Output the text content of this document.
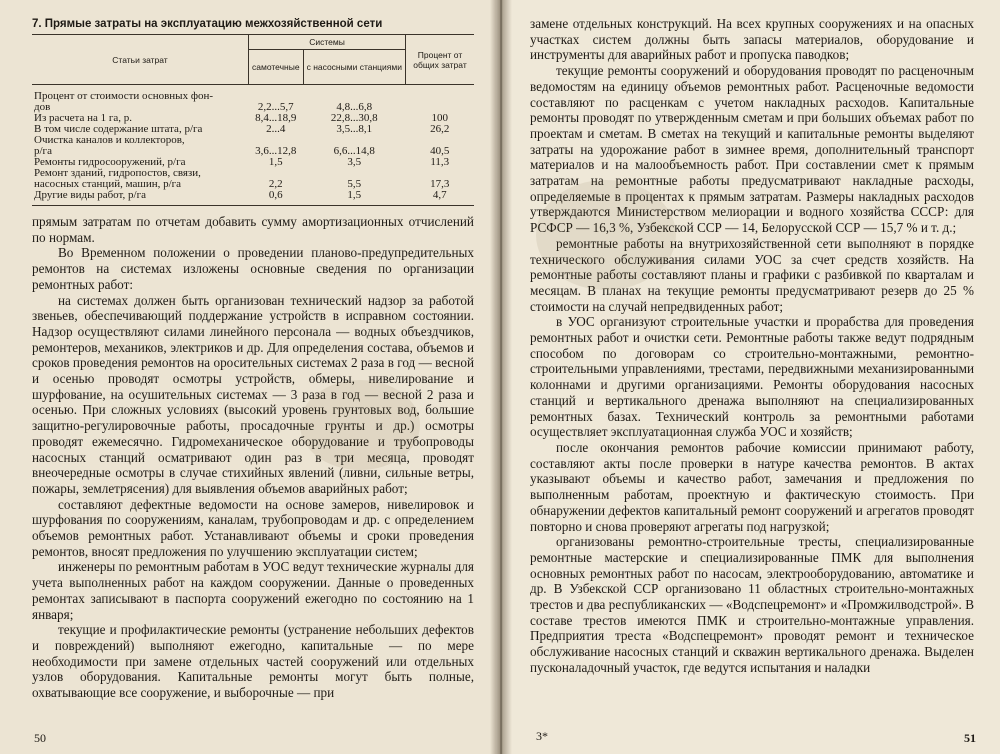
7. Прямые затраты на эксплуатацию межхозяйственной сети
Статьи затрат	Системы		Процент от общих затрат
	самотечные	с насосными станциями	
Процент от стоимости основных фон-
дов	2,2...5,7	4,8...6,8	
Из расчета на 1 га, р.	8,4...18,9	22,8...30,8	100
В том числе содержание штата, р/га	2...4	3,5...8,1	26,2
Очистка каналов и коллекторов,
р/га	3,6...12,8	6,6...14,8	40,5
Ремонты гидросооружений, р/га	1,5	3,5	11,3
Ремонт зданий, гидропостов, связи,
насосных станций, машин, р/га	2,2	5,5	17,3
Другие виды работ, р/га	0,6	1,5	4,7

прямым затратам по отчетам добавить сумму амортизационных отчислений по нормам.

Во Временном положении о проведении планово-предупредительных ремонтов на системах изложены основные сведения по организации ремонтных работ:

на системах должен быть организован технический надзор за работой звеньев, обеспечивающий поддержание устройств в исправном состоянии. Надзор осуществляют силами линейного персонала — водных объездчиков, ремонтеров, механиков, электриков и др. Для определения состава, объемов и сроков проведения ремонтов на оросительных системах 2 раза в год — весной и осенью проводят осмотры устройств, обмеры, нивелирование и шурфование, на осушительных системах — 3 раза в год — весной 2 раза и осенью. При сложных условиях (высокий уровень грунтовых вод, большие защитно-регулировочные работы, просадочные грунты и др.) осмотры проводят ежемесячно. Гидромеханическое оборудование и трубопроводы насосных станций осматривают один раз в три месяца, проводят внеочередные осмотры в случае стихийных явлений (ливни, сильные ветры, пожары, землетрясения) для выявления объемов аварийных работ;

составляют дефектные ведомости на основе замеров, нивелировок и шурфования по сооружениям, каналам, трубопроводам и др. с определением объемов ремонтных работ. Устанавливают объемы и сроки проведения ремонтов, вносят предложения по улучшению эксплуатации систем;

инженеры по ремонтным работам в УОС ведут технические журналы для учета выполненных работ на каждом сооружении. Данные о проведенных ремонтах записывают в паспорта сооружений ежегодно по состоянию на 1 января;

текущие и профилактические ремонты (устранение небольших дефектов и повреждений) выполняют ежегодно, капитальные — по мере необходимости при замене отдельных частей сооружений или отдельных узлов оборудования. Капитальные ремонты могут быть полные, охватывающие все сооружение, и выборочные — при

50

замене отдельных конструкций. На всех крупных сооружениях и на опасных участках систем должны быть запасы материалов, оборудование и инструменты для аварийных работ и пропуска паводков;

текущие ремонты сооружений и оборудования проводят по расценочным ведомостям на единицу объемов ремонтных работ. Расценочные ведомости составляют по расценкам с учетом накладных расходов. Капитальные ремонты проводят по утвержденным сметам и при больших объемах работ по проектам и сметам. В сметах на текущий и капитальные ремонты выделяют затраты на удорожание работ в зимнее время, дополнительный транспорт материалов и на малообъемность работ. При составлении смет к прямым затратам на ремонтные работы предусматривают накладные расходы, определяемые в процентах к прямым затратам. Размеры накладных расходов утверждаются Министерством мелиорации и водного хозяйства СССР: для РСФСР — 16,3 %, Узбекской ССР — 14, Белорусской ССР — 15,7 % и т. д.;

ремонтные работы на внутрихозяйственной сети выполняют в порядке технического обслуживания силами УОС за счет средств хозяйств. На ремонтные работы составляют планы и графики с разбивкой по кварталам и месяцам. В планах на текущие ремонты предусматривают резерв до 25 % стоимости на случай непредвиденных работ;

в УОС организуют строительные участки и прорабства для проведения ремонтных работ и очистки сети. Ремонтные работы также ведут подрядным способом по договорам со строительно-монтажными, ремонтно-строительными управлениями, трестами, передвижными механизированными колоннами и другими организациями. Ремонты оборудования насосных станций и вертикального дренажа выполняют на специализированных ремонтных базах. Технический контроль за ремонтными работами осуществляет эксплуатационная служба УОС и хозяйств;

после окончания ремонтов рабочие комиссии принимают работу, составляют акты после проверки в натуре качества ремонтов. В актах указывают объемы и качество работ, замечания и предложения по выполненным работам, проектную и фактическую стоимость. При обнаружении дефектов капитальный ремонт сооружений и агрегатов проводят повторно и снова проверяют агрегаты под нагрузкой;

организованы ремонтно-строительные тресты, специализированные ремонтные мастерские и специализированные ПМК для выполнения основных ремонтных работ по насосам, электрооборудованию, автоматике и др. В Узбекской ССР организовано 11 областных строительно-монтажных трестов и два республиканских — «Водспецремонт» и «Промжилводстрой». В составе трестов имеются ПМК и строительно-монтажные управления. Предприятия треста «Водспецремонт» проводят ремонт и техническое обслуживание насосных станций и скважин вертикального дренажа. Выделен пусконаладочный участок, где ведутся испытания и наладки

3*	51
